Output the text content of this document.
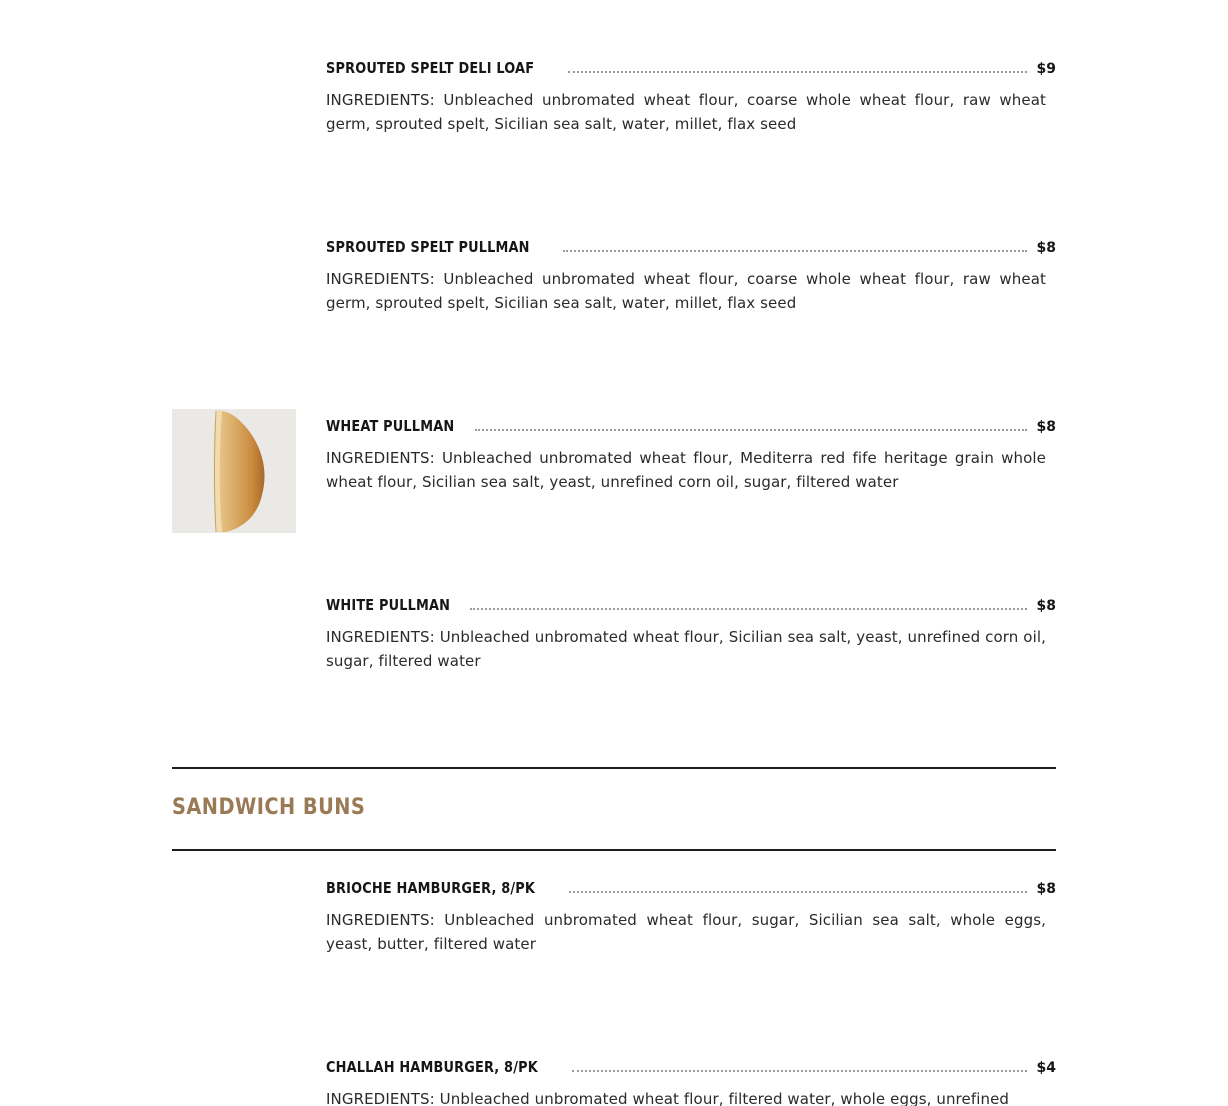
SPROUTED SPELT DELI LOAF	$9
INGREDIENTS: Unbleached unbromated wheat flour, coarse whole wheat flour, raw wheat germ, sprouted spelt, Sicilian sea salt, water, millet, flax seed
SPROUTED SPELT PULLMAN	$8
INGREDIENTS: Unbleached unbromated wheat flour, coarse whole wheat flour, raw wheat germ, sprouted spelt, Sicilian sea salt, water, millet, flax seed
WHEAT PULLMAN	$8
INGREDIENTS: Unbleached unbromated wheat flour, Mediterra red fife heritage grain whole wheat flour, Sicilian sea salt, yeast, unrefined corn oil, sugar, filtered water
WHITE PULLMAN	$8
INGREDIENTS: Unbleached unbromated wheat flour, Sicilian sea salt, yeast, unrefined corn oil, sugar, filtered water
SANDWICH BUNS
BRIOCHE HAMBURGER, 8/PK	$8
INGREDIENTS: Unbleached unbromated wheat flour, sugar, Sicilian sea salt, whole eggs, yeast, butter, filtered water
CHALLAH HAMBURGER, 8/PK	$4
INGREDIENTS: Unbleached unbromated wheat flour, filtered water, whole eggs, unrefined
